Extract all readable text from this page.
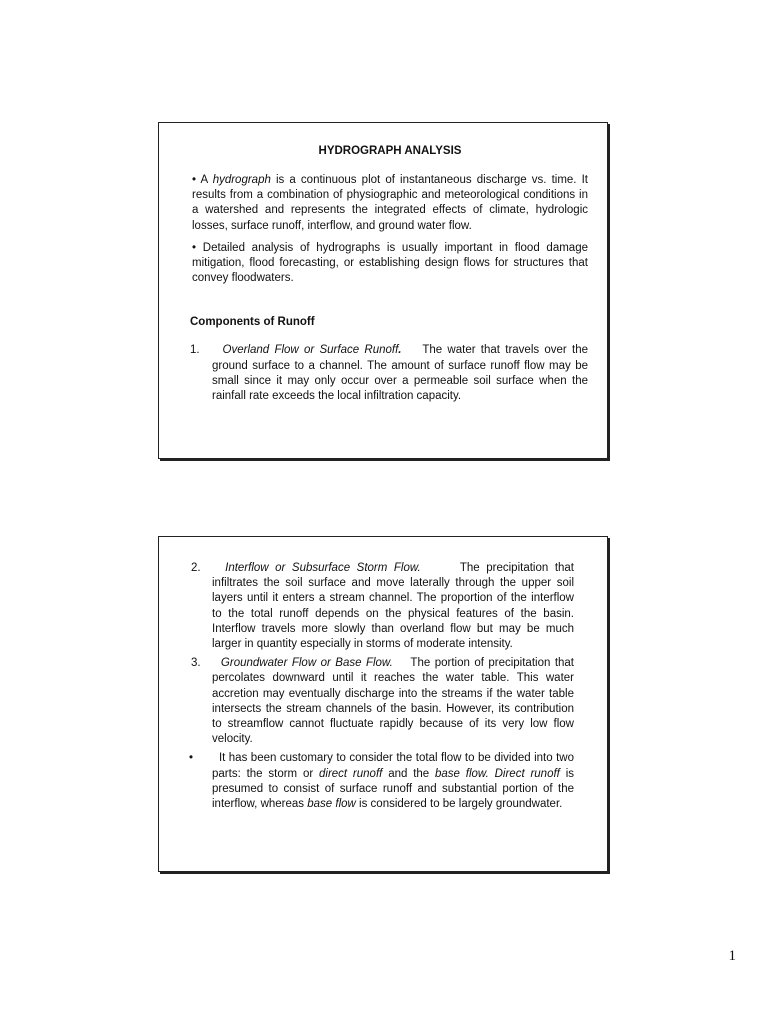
HYDROGRAPH ANALYSIS

• A hydrograph is a continuous plot of instantaneous discharge vs. time. It results from a combination of physiographic and meteorological conditions in a watershed and represents the integrated effects of climate, hydrologic losses, surface runoff, interflow, and ground water flow.

• Detailed analysis of hydrographs is usually important in flood damage mitigation, flood forecasting, or establishing design flows for structures that convey floodwaters.

Components of Runoff

1. Overland Flow or Surface Runoff. The water that travels over the ground surface to a channel. The amount of surface runoff flow may be small since it may only occur over a permeable soil surface when the rainfall rate exceeds the local infiltration capacity.

2. Interflow or Subsurface Storm Flow.	The precipitation that infiltrates the soil surface and move laterally through the upper soil layers until it enters a stream channel. The proportion of the interflow to the total runoff depends on the physical features of the basin. Interflow travels more slowly than overland flow but may be much larger in quantity especially in storms of moderate intensity.

3. Groundwater Flow or Base Flow. The portion of precipitation that percolates downward until it reaches the water table. This water accretion may eventually discharge into the streams if the water table intersects the stream channels of the basin. However, its contribution to streamflow cannot fluctuate rapidly because of its very low flow velocity.

• It has been customary to consider the total flow to be divided into two parts: the storm or direct runoff and the base flow. Direct runoff is presumed to consist of surface runoff and substantial portion of the interflow, whereas base flow is considered to be largely groundwater.

1
